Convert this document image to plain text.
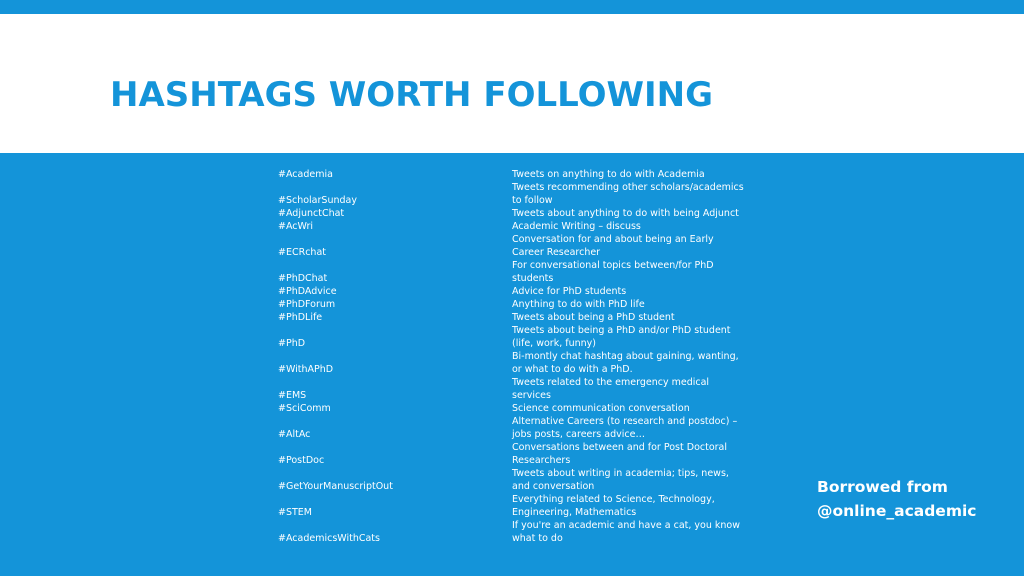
HASHTAGS WORTH FOLLOWING
#Academia	Tweets on anything to do with Academia
#ScholarSunday	Tweets recommending other scholars/academics to follow
#AdjunctChat	Tweets about anything to do with being Adjunct
#AcWri	Academic Writing – discuss
#ECRchat	Conversation for and about being an Early Career Researcher
#PhDChat	For conversational topics between/for PhD students
#PhDAdvice	Advice for PhD students
#PhDForum	Anything to do with PhD life
#PhDLife	Tweets about being a PhD student
#PhD	Tweets about being a PhD and/or PhD student (life, work, funny)
#WithAPhD	Bi-montly chat hashtag about gaining, wanting, or what to do with a PhD.
#EMS	Tweets related to the emergency medical services
#SciComm	Science communication conversation
#AltAc	Alternative Careers (to research and postdoc) – jobs posts, careers advice…
#PostDoc	Conversations between and for Post Doctoral Researchers
#GetYourManuscriptOut	Tweets about writing in academia; tips, news, and conversation
#STEM	Everything related to Science, Technology, Engineering, Mathematics
#AcademicsWithCats	If you're an academic and have a cat, you know what to do
Borrowed from
@online_academic
